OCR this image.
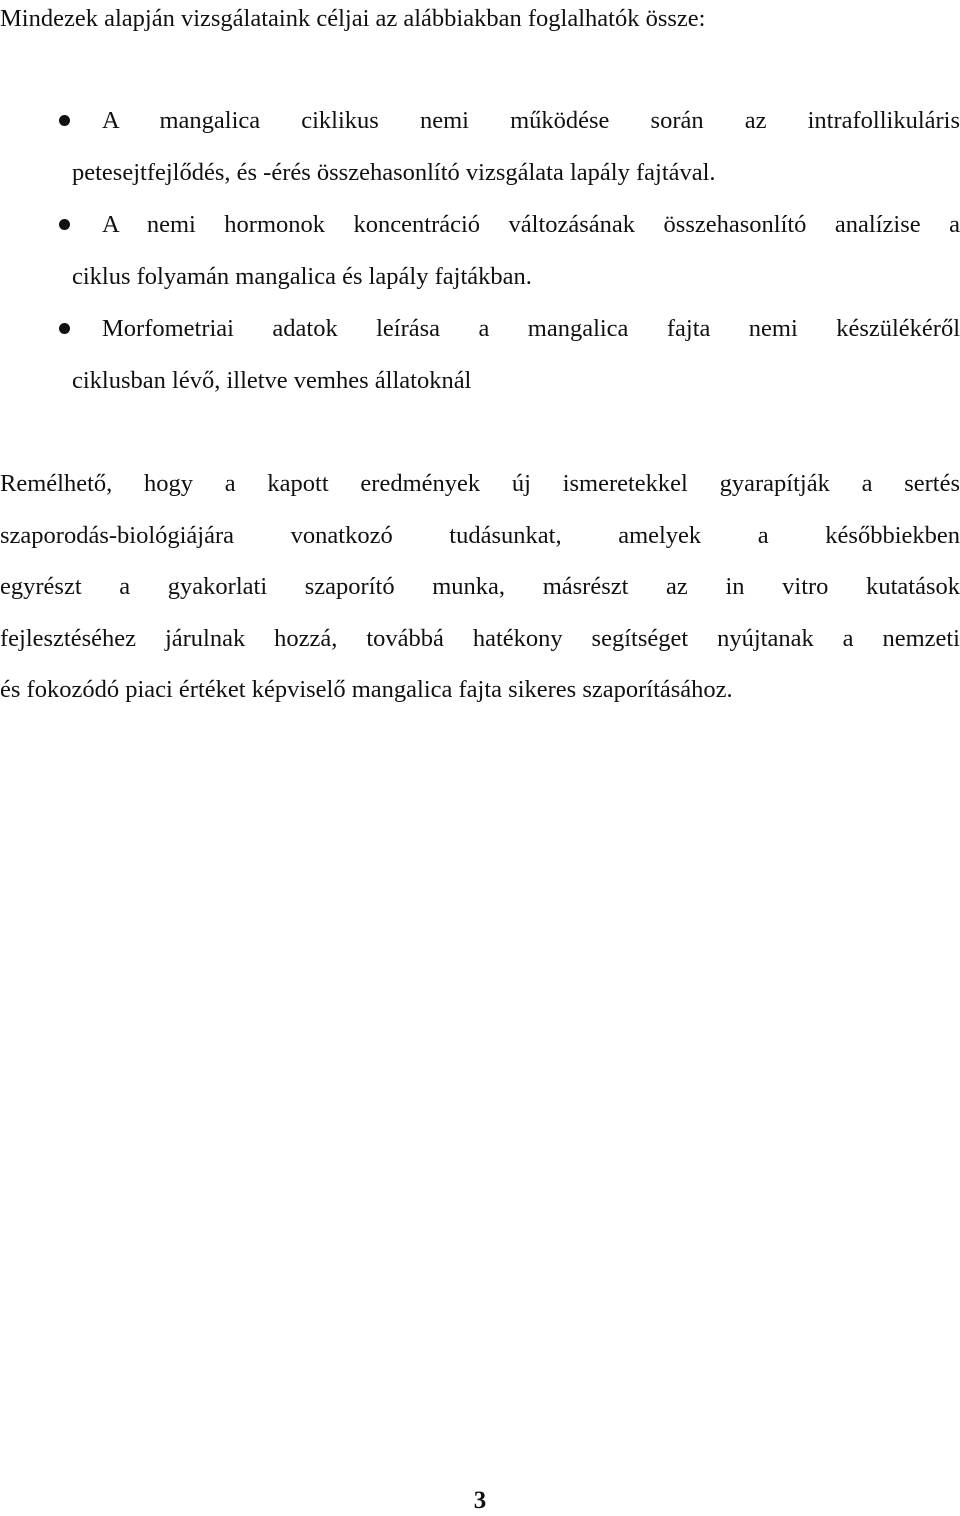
Mindezek alapján vizsgálataink céljai az alábbiakban foglalhatók össze:
A mangalica ciklikus nemi működése során az intrafollikuláris
petesejtfejlődés, és -érés összehasonlító vizsgálata lapály fajtával.
A nemi hormonok koncentráció változásának összehasonlító analízise a
ciklus folyamán mangalica és lapály fajtákban.
Morfometriai adatok leírása a mangalica fajta nemi készülékéről
ciklusban lévő, illetve vemhes állatoknál
Remélhető, hogy a kapott eredmények új ismeretekkel gyarapítják a sertés
szaporodás-biológiájára vonatkozó tudásunkat, amelyek a későbbiekben
egyrészt a gyakorlati szaporító munka, másrészt az in vitro kutatások
fejlesztéséhez járulnak hozzá, továbbá hatékony segítséget nyújtanak a nemzeti
és fokozódó piaci értéket képviselő mangalica fajta sikeres szaporításához.
3
